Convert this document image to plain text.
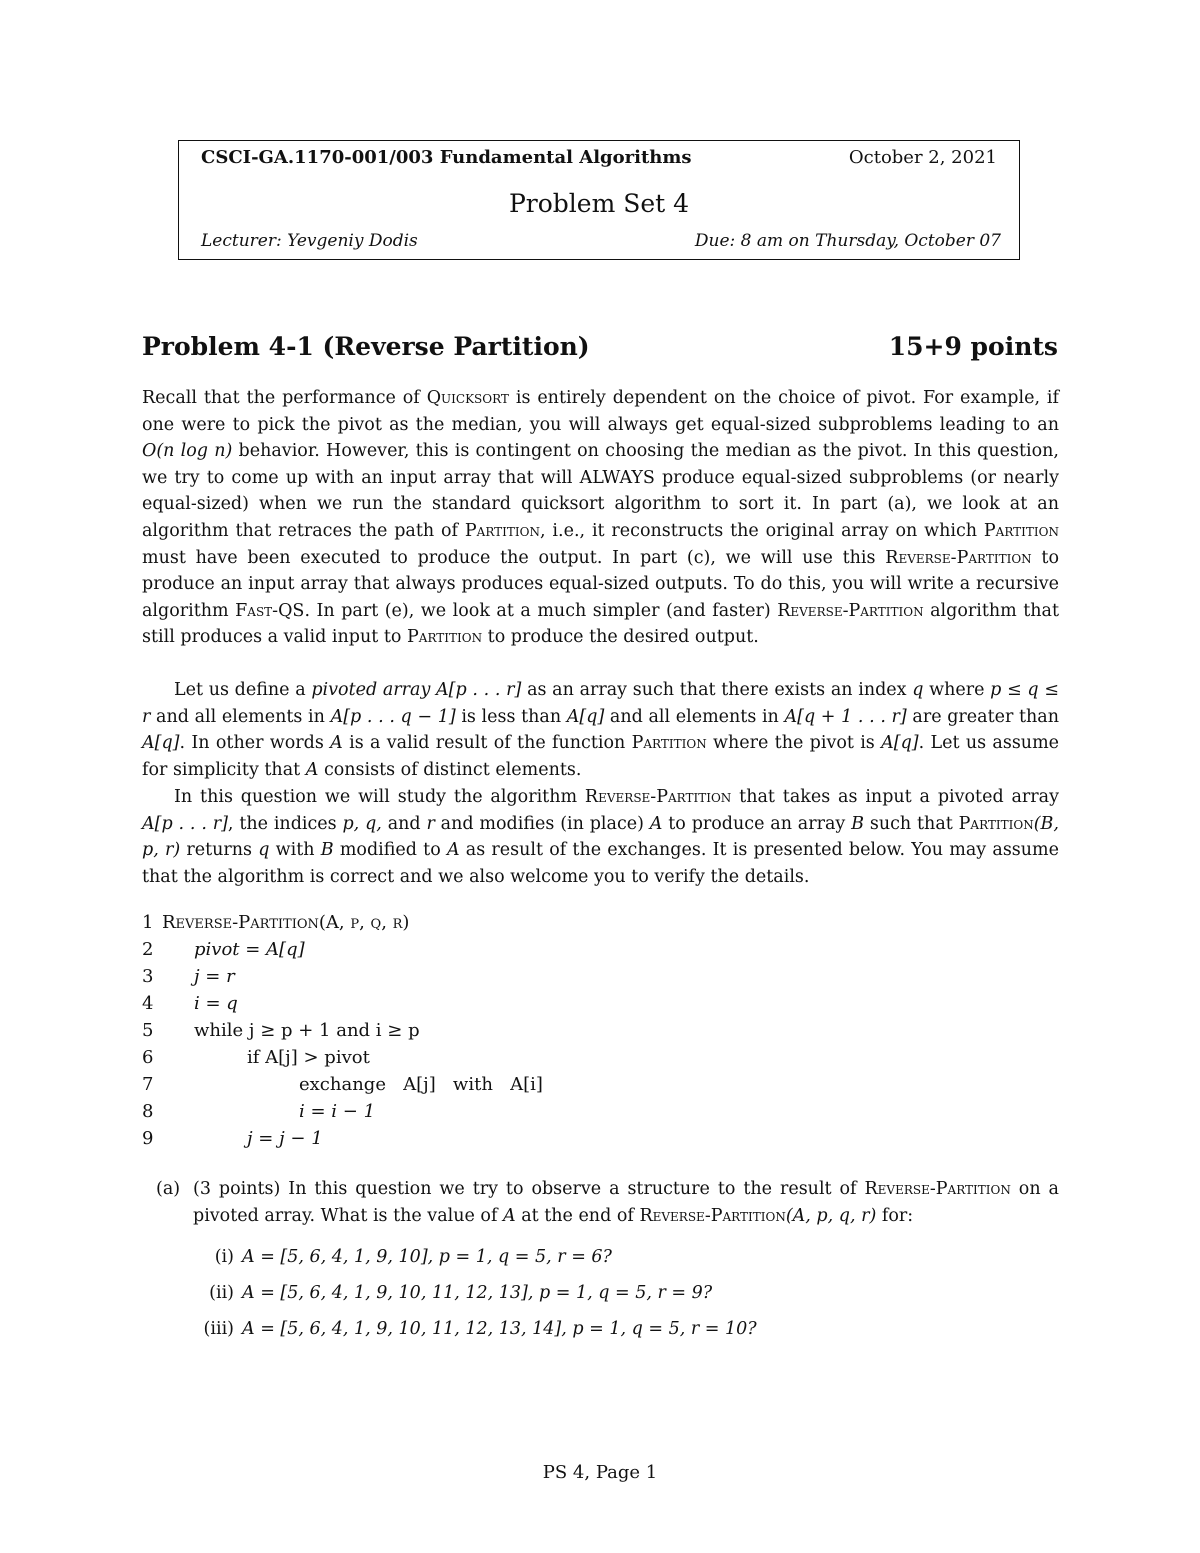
CSCI-GA.1170-001/003 Fundamental Algorithms	October 2, 2021
Problem Set 4
Lecturer: Yevgeniy Dodis	Due: 8 am on Thursday, October 07
Problem 4-1 (Reverse Partition)	15+9 points

Recall that the performance of Quicksort is entirely dependent on the choice of pivot. For example, if one were to pick the pivot as the median, you will always get equal-sized subproblems leading to an O(n log n) behavior. However, this is contingent on choosing the median as the pivot. In this question, we try to come up with an input array that will ALWAYS produce equal-sized subproblems (or nearly equal-sized) when we run the standard quicksort algorithm to sort it. In part (a), we look at an algorithm that retraces the path of Partition, i.e., it reconstructs the original array on which Partition must have been executed to produce the output. In part (c), we will use this Reverse-Partition to produce an input array that always produces equal-sized outputs. To do this, you will write a recursive algorithm Fast-QS. In part (e), we look at a much simpler (and faster) Reverse-Partition algorithm that still produces a valid input to Partition to produce the desired output.

Let us define a pivoted array A[p . . . r] as an array such that there exists an index q where p ≤ q ≤ r and all elements in A[p . . . q − 1] is less than A[q] and all elements in A[q + 1 . . . r] are greater than A[q]. In other words A is a valid result of the function Partition where the pivot is A[q]. Let us assume for simplicity that A consists of distinct elements.

In this question we will study the algorithm Reverse-Partition that takes as input a pivoted array A[p . . . r], the indices p, q, and r and modifies (in place) A to produce an array B such that Partition(B, p, r) returns q with B modified to A as result of the exchanges. It is presented below. You may assume that the algorithm is correct and we also welcome you to verify the details.

1 Reverse-Partition(A, p, q, r)
2	pivot = A[q]
3	j = r
4	i = q
5	while j ≥ p + 1 and i ≥ p
6	if A[j] > pivot
7	exchange   A[j]   with   A[i]
8	i = i − 1
9	j = j − 1
(a) (3 points) In this question we try to observe a structure to the result of Reverse-Partition on a pivoted array. What is the value of A at the end of Reverse-Partition(A, p, q, r) for:
(i) A = [5, 6, 4, 1, 9, 10], p = 1, q = 5, r = 6?
(ii) A = [5, 6, 4, 1, 9, 10, 11, 12, 13], p = 1, q = 5, r = 9?
(iii) A = [5, 6, 4, 1, 9, 10, 11, 12, 13, 14], p = 1, q = 5, r = 10?
PS 4, Page 1
